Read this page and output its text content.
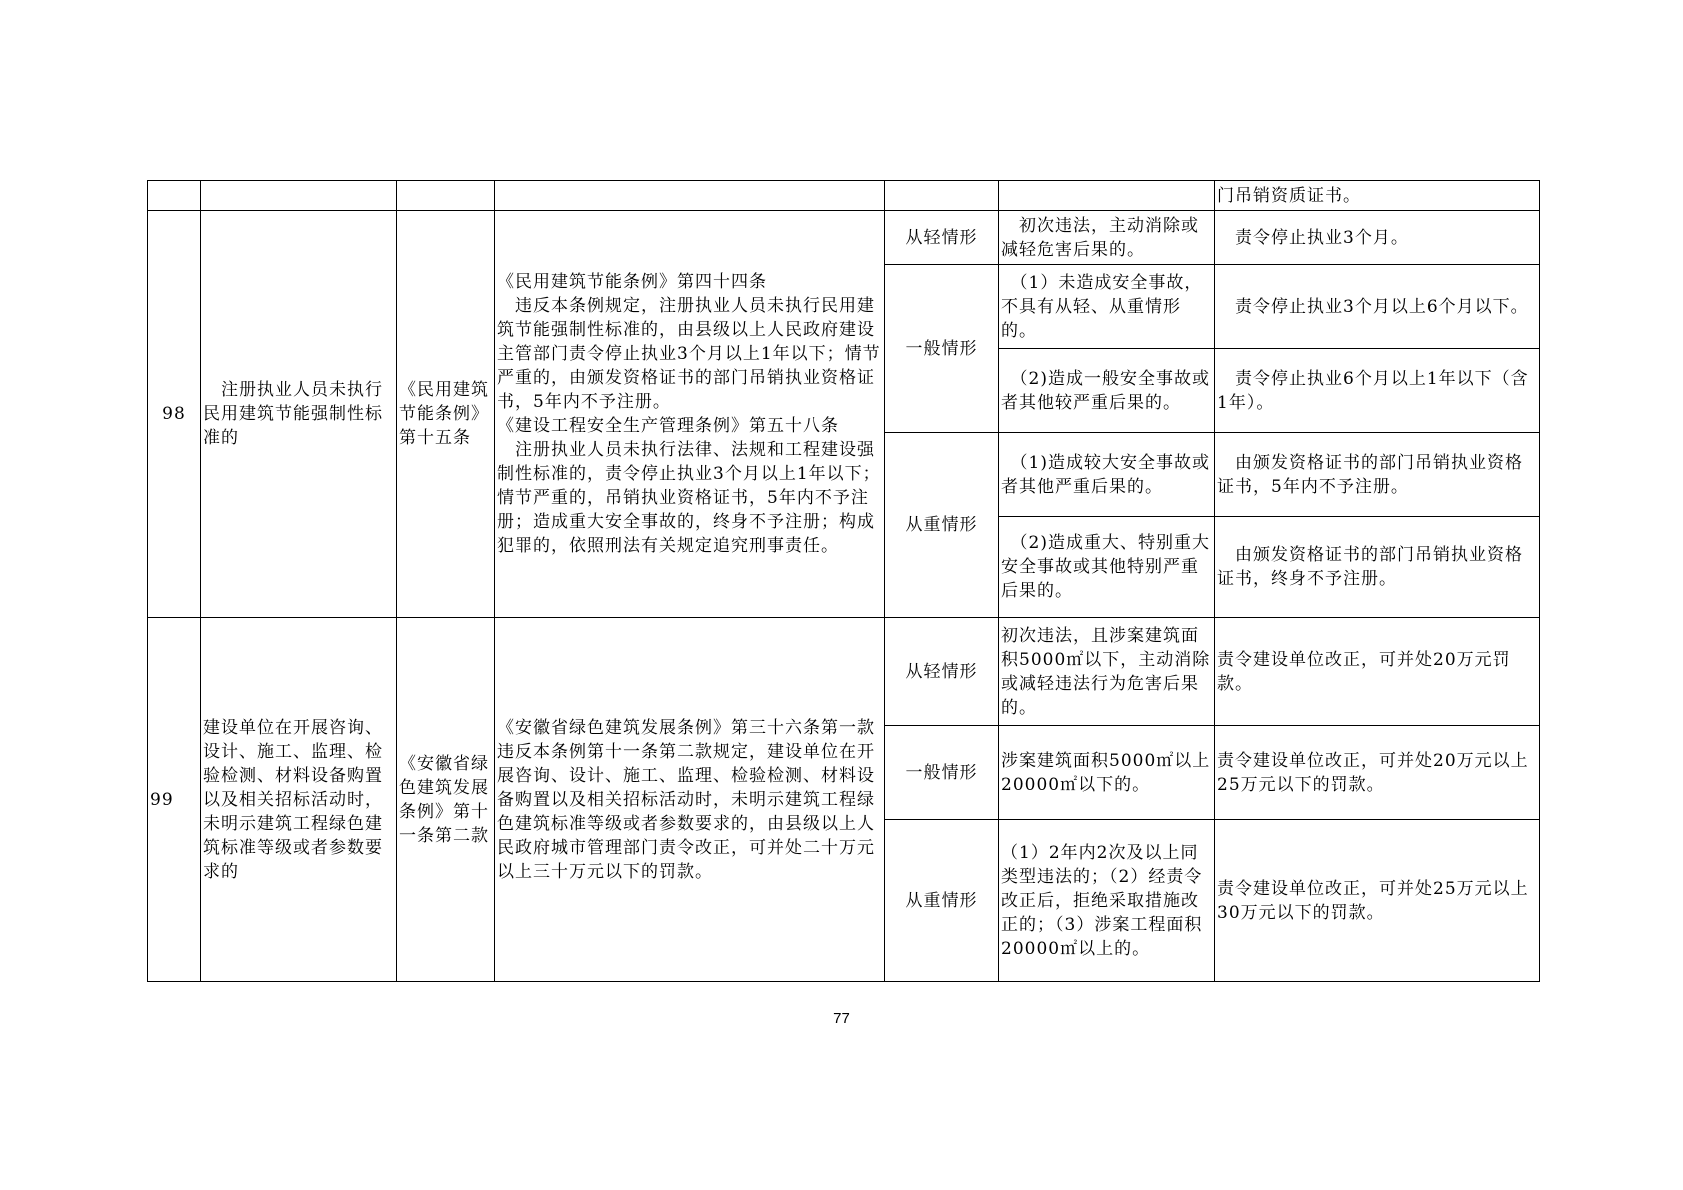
						门吊销资质证书。
98	　注册执业人员未执行民用建筑节能强制性标准的	《民用建筑节能条例》第十五条	《民用建筑节能条例》第四十四条
　违反本条例规定，注册执业人员未执行民用建筑节能强制性标准的，由县级以上人民政府建设主管部门责令停止执业3个月以上1年以下；情节严重的，由颁发资格证书的部门吊销执业资格证书，5年内不予注册。
《建设工程安全生产管理条例》第五十八条
　注册执业人员未执行法律、法规和工程建设强制性标准的，责令停止执业3个月以上1年以下；情节严重的，吊销执业资格证书，5年内不予注册；造成重大安全事故的，终身不予注册；构成犯罪的，依照刑法有关规定追究刑事责任。	从轻情形	　初次违法，主动消除或减轻危害后果的。	　责令停止执业3个月。
				一般情形	　（1）未造成安全事故，不具有从轻、从重情形的。	　责令停止执业3个月以上6个月以下。
					　（2)造成一般安全事故或者其他较严重后果的。	　责令停止执业6个月以上1年以下（含1年）。
				从重情形	　（1)造成较大安全事故或者其他严重后果的。	　由颁发资格证书的部门吊销执业资格证书，5年内不予注册。
					　（2)造成重大、特别重大安全事故或其他特别严重后果的。	　由颁发资格证书的部门吊销执业资格证书，终身不予注册。
99	建设单位在开展咨询、设计、施工、监理、检验检测、材料设备购置以及相关招标活动时，未明示建筑工程绿色建筑标准等级或者参数要求的	《安徽省绿色建筑发展条例》第十一条第二款	《安徽省绿色建筑发展条例》第三十六条第一款
违反本条例第十一条第二款规定，建设单位在开展咨询、设计、施工、监理、检验检测、材料设备购置以及相关招标活动时，未明示建筑工程绿色建筑标准等级或者参数要求的，由县级以上人民政府城市管理部门责令改正，可并处二十万元以上三十万元以下的罚款。	从轻情形	初次违法，且涉案建筑面积5000㎡以下，主动消除或减轻违法行为危害后果的。	责令建设单位改正，可并处20万元罚款。
				一般情形	涉案建筑面积5000㎡以上20000㎡以下的。	责令建设单位改正，可并处20万元以上25万元以下的罚款。
				从重情形	（1）2年内2次及以上同类型违法的；（2）经责令改正后，拒绝采取措施改正的；（3）涉案工程面积20000㎡以上的。	责令建设单位改正，可并处25万元以上30万元以下的罚款。
77
